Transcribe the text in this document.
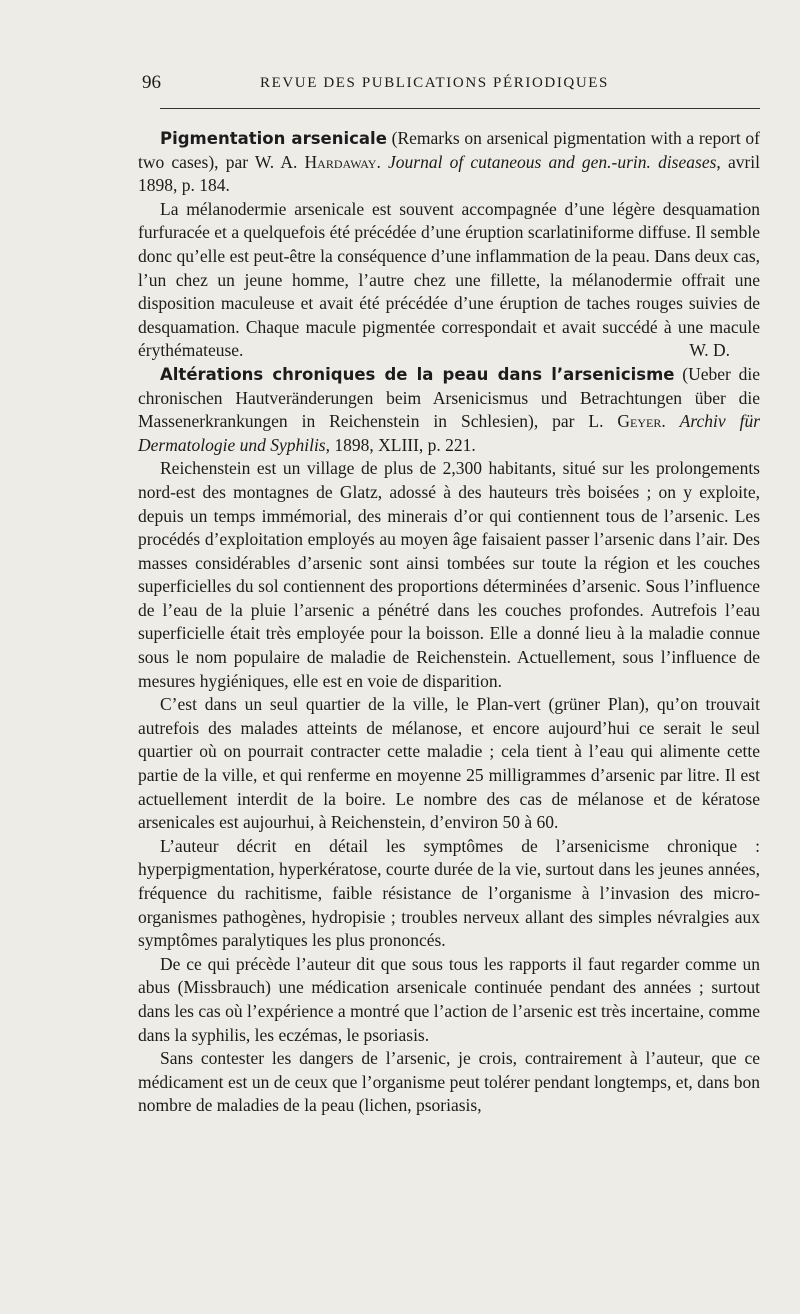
96	REVUE DES PUBLICATIONS PÉRIODIQUES

Pigmentation arsenicale (Remarks on arsenical pigmentation with a report of two cases), par W. A. Hardaway. Journal of cutaneous and gen.-urin. diseases, avril 1898, p. 184.

La mélanodermie arsenicale est souvent accompagnée d’une légère desquamation furfuracée et a quelquefois été précédée d’une éruption scarlatiniforme diffuse. Il semble donc qu’elle est peut-être la conséquence d’une inflammation de la peau. Dans deux cas, l’un chez un jeune homme, l’autre chez une fillette, la mélanodermie offrait une disposition maculeuse et avait été précédée d’une éruption de taches rouges suivies de desquamation. Chaque macule pigmentée correspondait et avait succédé à une macule érythémateuse.	W. D.

Altérations chroniques de la peau dans l’arsenicisme (Ueber die chronischen Hautveränderungen beim Arsenicismus und Betrachtungen über die Massenerkrankungen in Reichenstein in Schlesien), par L. Geyer. Archiv für Dermatologie und Syphilis, 1898, XLIII, p. 221.

Reichenstein est un village de plus de 2,300 habitants, situé sur les prolongements nord-est des montagnes de Glatz, adossé à des hauteurs très boisées ; on y exploite, depuis un temps immémorial, des minerais d’or qui contiennent tous de l’arsenic. Les procédés d’exploitation employés au moyen âge faisaient passer l’arsenic dans l’air. Des masses considérables d’arsenic sont ainsi tombées sur toute la région et les couches superficielles du sol contiennent des proportions déterminées d’arsenic. Sous l’influence de l’eau de la pluie l’arsenic a pénétré dans les couches profondes. Autrefois l’eau superficielle était très employée pour la boisson. Elle a donné lieu à la maladie connue sous le nom populaire de maladie de Reichenstein. Actuellement, sous l’influence de mesures hygiéniques, elle est en voie de disparition.

C’est dans un seul quartier de la ville, le Plan-vert (grüner Plan), qu’on trouvait autrefois des malades atteints de mélanose, et encore aujourd’hui ce serait le seul quartier où on pourrait contracter cette maladie ; cela tient à l’eau qui alimente cette partie de la ville, et qui renferme en moyenne 25 milligrammes d’arsenic par litre. Il est actuellement interdit de la boire. Le nombre des cas de mélanose et de kératose arsenicales est aujourhui, à Reichenstein, d’environ 50 à 60.

L’auteur décrit en détail les symptômes de l’arsenicisme chronique : hyperpigmentation, hyperkératose, courte durée de la vie, surtout dans les jeunes années, fréquence du rachitisme, faible résistance de l’organisme à l’invasion des micro-organismes pathogènes, hydropisie ; troubles nerveux allant des simples névralgies aux symptômes paralytiques les plus prononcés.

De ce qui précède l’auteur dit que sous tous les rapports il faut regarder comme un abus (Missbrauch) une médication arsenicale continuée pendant des années ; surtout dans les cas où l’expérience a montré que l’action de l’arsenic est très incertaine, comme dans la syphilis, les eczémas, le psoriasis.

Sans contester les dangers de l’arsenic, je crois, contrairement à l’auteur, que ce médicament est un de ceux que l’organisme peut tolérer pendant longtemps, et, dans bon nombre de maladies de la peau (lichen, psoriasis,
